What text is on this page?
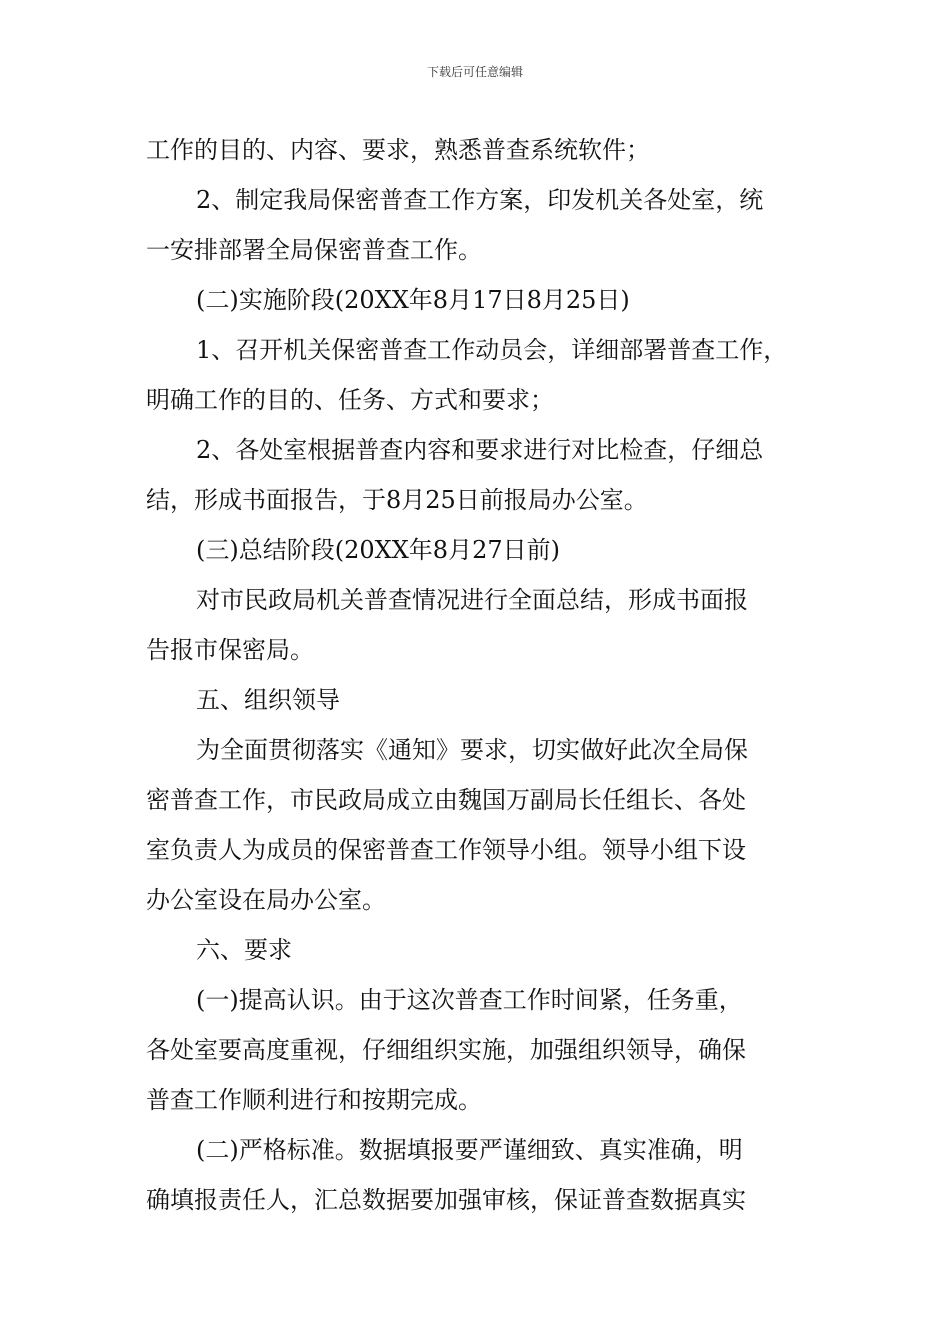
下载后可任意编辑
工作的目的、内容、要求，熟悉普查系统软件；
2、制定我局保密普查工作方案，印发机关各处室，统
一安排部署全局保密普查工作。
(二)实施阶段(20XX年8月17日8月25日)
1、召开机关保密普查工作动员会，详细部署普查工作，
明确工作的目的、任务、方式和要求；
2、各处室根据普查内容和要求进行对比检查，仔细总
结，形成书面报告，于8月25日前报局办公室。
(三)总结阶段(20XX年8月27日前)
对市民政局机关普查情况进行全面总结，形成书面报
告报市保密局。
五、组织领导
为全面贯彻落实《通知》要求，切实做好此次全局保
密普查工作，市民政局成立由魏国万副局长任组长、各处
室负责人为成员的保密普查工作领导小组。领导小组下设
办公室设在局办公室。
六、要求
(一)提高认识。由于这次普查工作时间紧，任务重，
各处室要高度重视，仔细组织实施，加强组织领导，确保
普查工作顺利进行和按期完成。
(二)严格标准。数据填报要严谨细致、真实准确，明
确填报责任人，汇总数据要加强审核，保证普查数据真实
